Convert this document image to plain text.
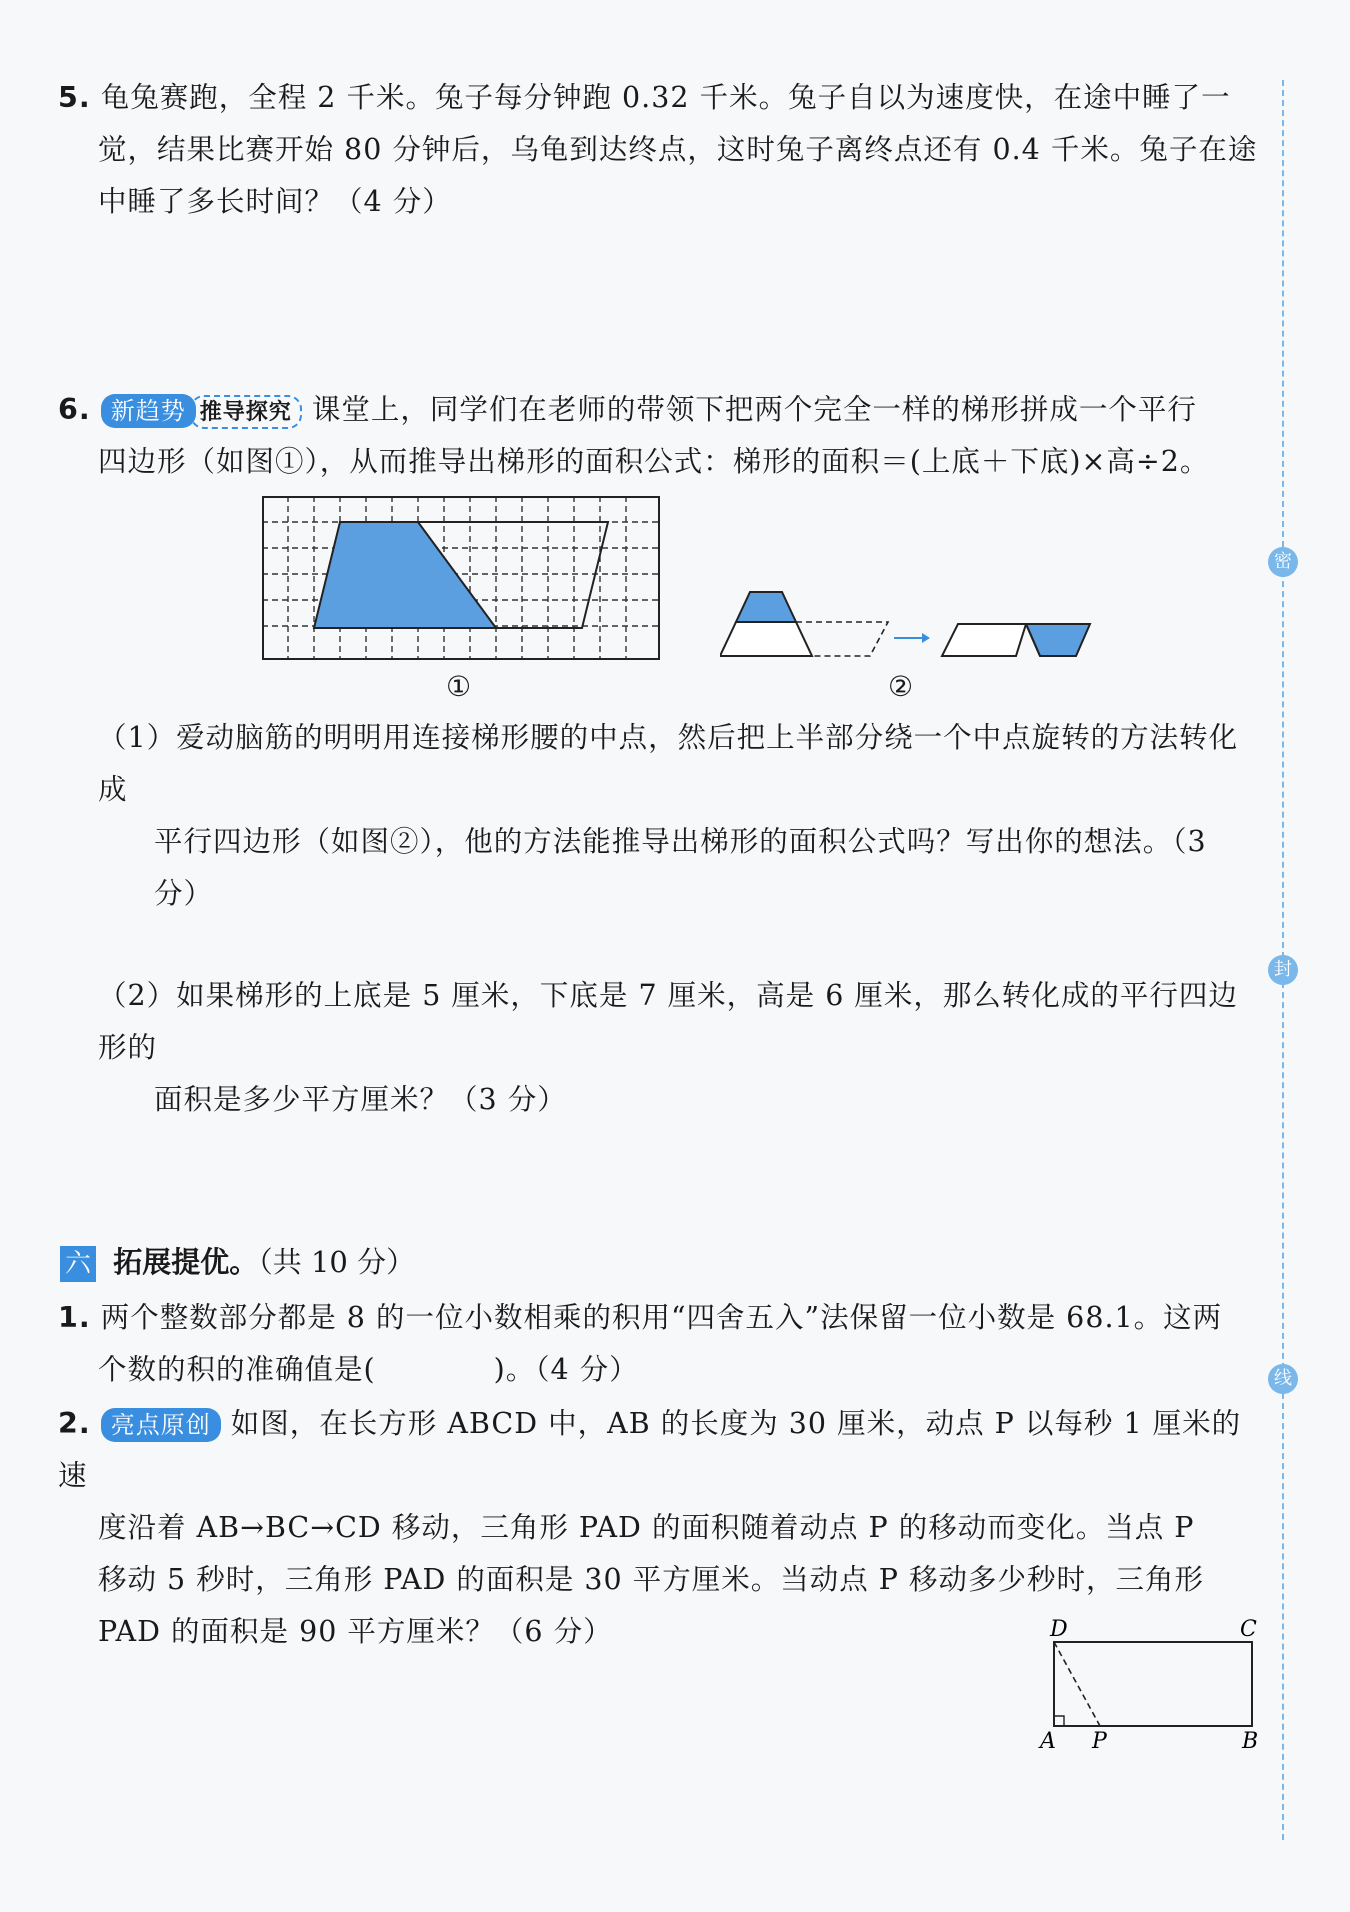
5. 龟兔赛跑，全程 2 千米。兔子每分钟跑 0.32 千米。兔子自以为速度快，在途中睡了一
觉，结果比赛开始 80 分钟后，乌龟到达终点，这时兔子离终点还有 0.4 千米。兔子在途
中睡了多长时间？（4 分）
6. 新趋势 推导探究 课堂上，同学们在老师的带领下把两个完全一样的梯形拼成一个平行
四边形（如图①），从而推导出梯形的面积公式：梯形的面积＝(上底＋下底)×高÷2。
①	②
（1）爱动脑筋的明明用连接梯形腰的中点，然后把上半部分绕一个中点旋转的方法转化成
平行四边形（如图②），他的方法能推导出梯形的面积公式吗？写出你的想法。（3 分）
（2）如果梯形的上底是 5 厘米，下底是 7 厘米，高是 6 厘米，那么转化成的平行四边形的
面积是多少平方厘米？（3 分）
六 拓展提优。（共 10 分）
1. 两个整数部分都是 8 的一位小数相乘的积用“四舍五入”法保留一位小数是 68.1。这两
个数的积的准确值是(　　　　)。（4 分）
2. 亮点原创 如图，在长方形 ABCD 中，AB 的长度为 30 厘米，动点 P 以每秒 1 厘米的速
度沿着 AB→BC→CD 移动，三角形 PAD 的面积随着动点 P 的移动而变化。当点 P
移动 5 秒时，三角形 PAD 的面积是 30 平方厘米。当动点 P 移动多少秒时，三角形
PAD 的面积是 90 平方厘米？（6 分）	D	C
A P	B
密
封
线
